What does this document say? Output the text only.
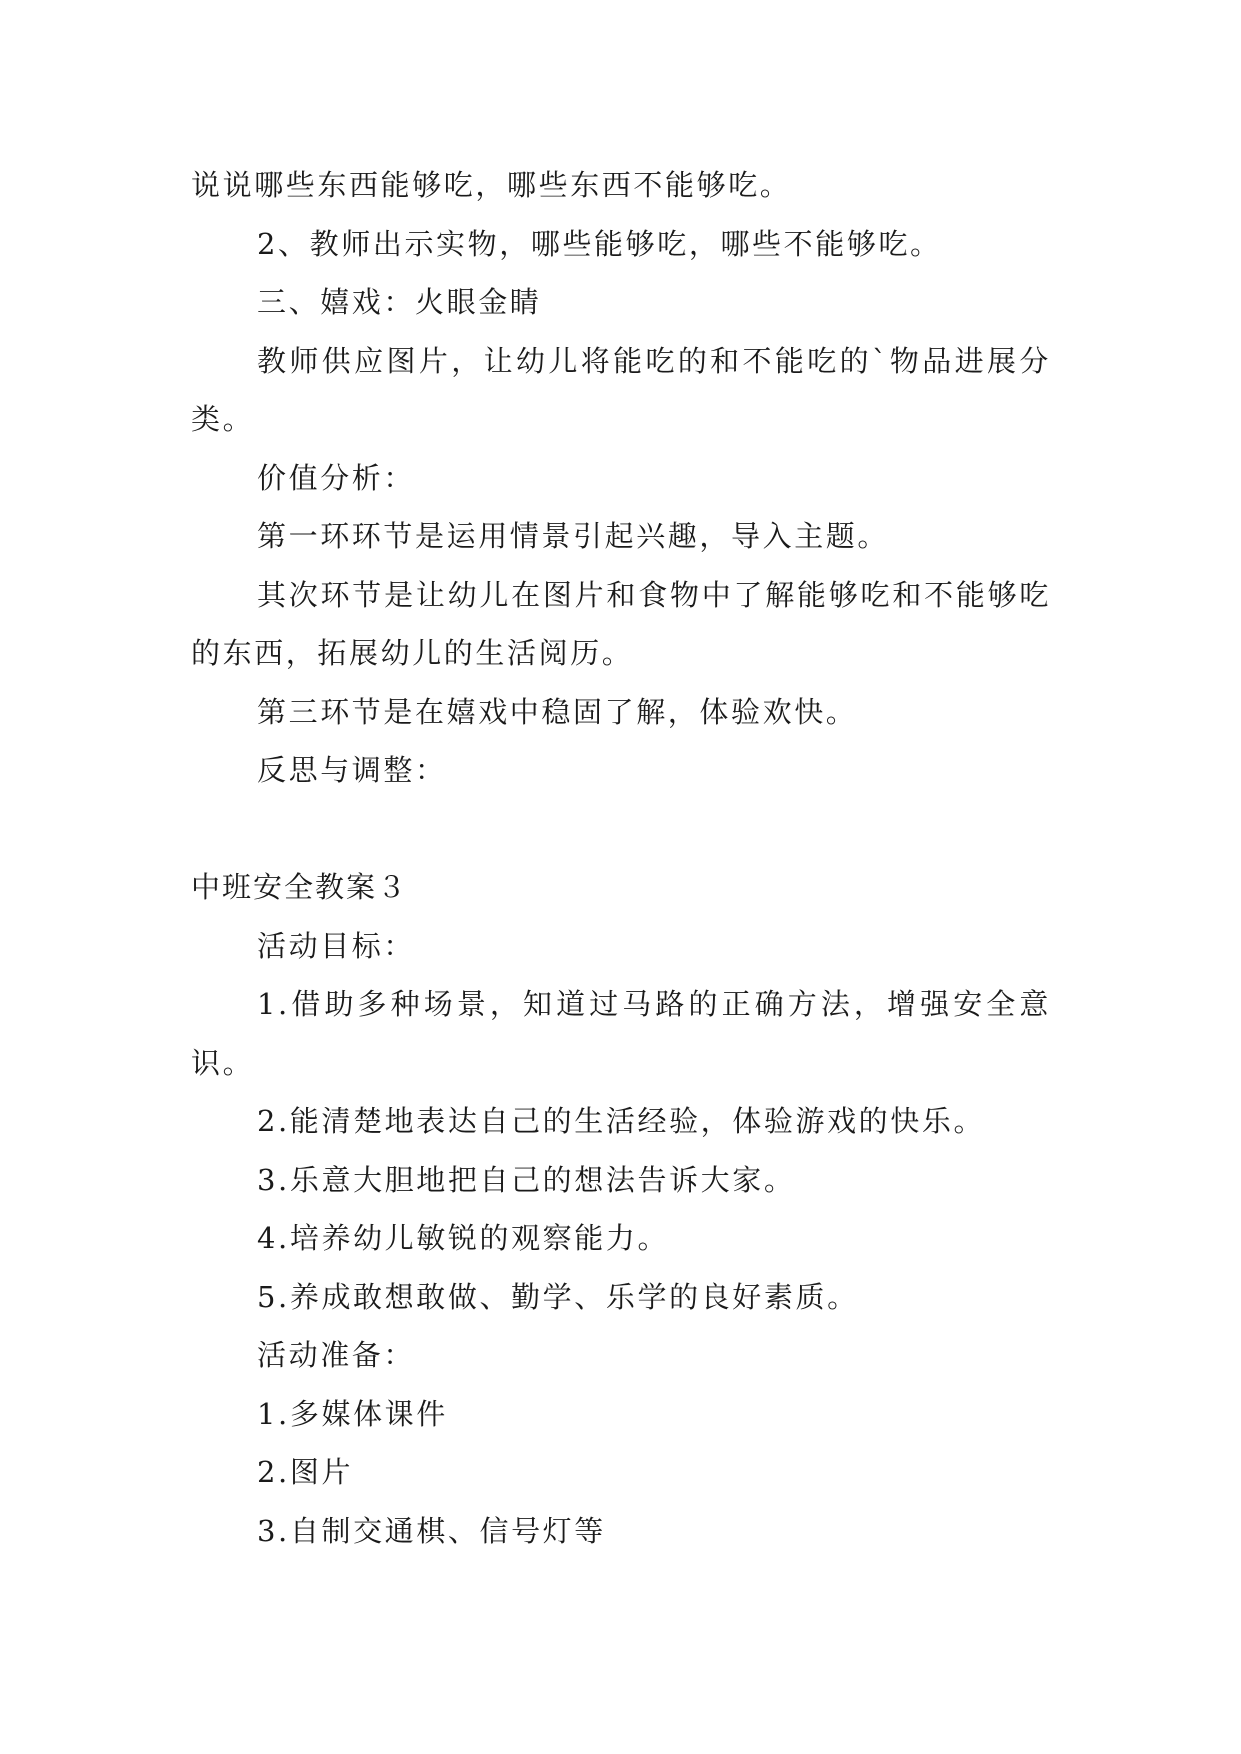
说说哪些东西能够吃，哪些东西不能够吃。

2、教师出示实物，哪些能够吃，哪些不能够吃。

三、嬉戏：火眼金睛

教师供应图片，让幼儿将能吃的和不能吃的`物品进展分类。

价值分析：

第一环环节是运用情景引起兴趣，导入主题。

其次环节是让幼儿在图片和食物中了解能够吃和不能够吃的东西，拓展幼儿的生活阅历。

第三环节是在嬉戏中稳固了解，体验欢快。

反思与调整：

中班安全教案３

活动目标：

1.借助多种场景，知道过马路的正确方法，增强安全意识。

2.能清楚地表达自己的生活经验，体验游戏的快乐。

3.乐意大胆地把自己的想法告诉大家。

4.培养幼儿敏锐的观察能力。

5.养成敢想敢做、勤学、乐学的良好素质。

活动准备：

1.多媒体课件

2.图片

3.自制交通棋、信号灯等
